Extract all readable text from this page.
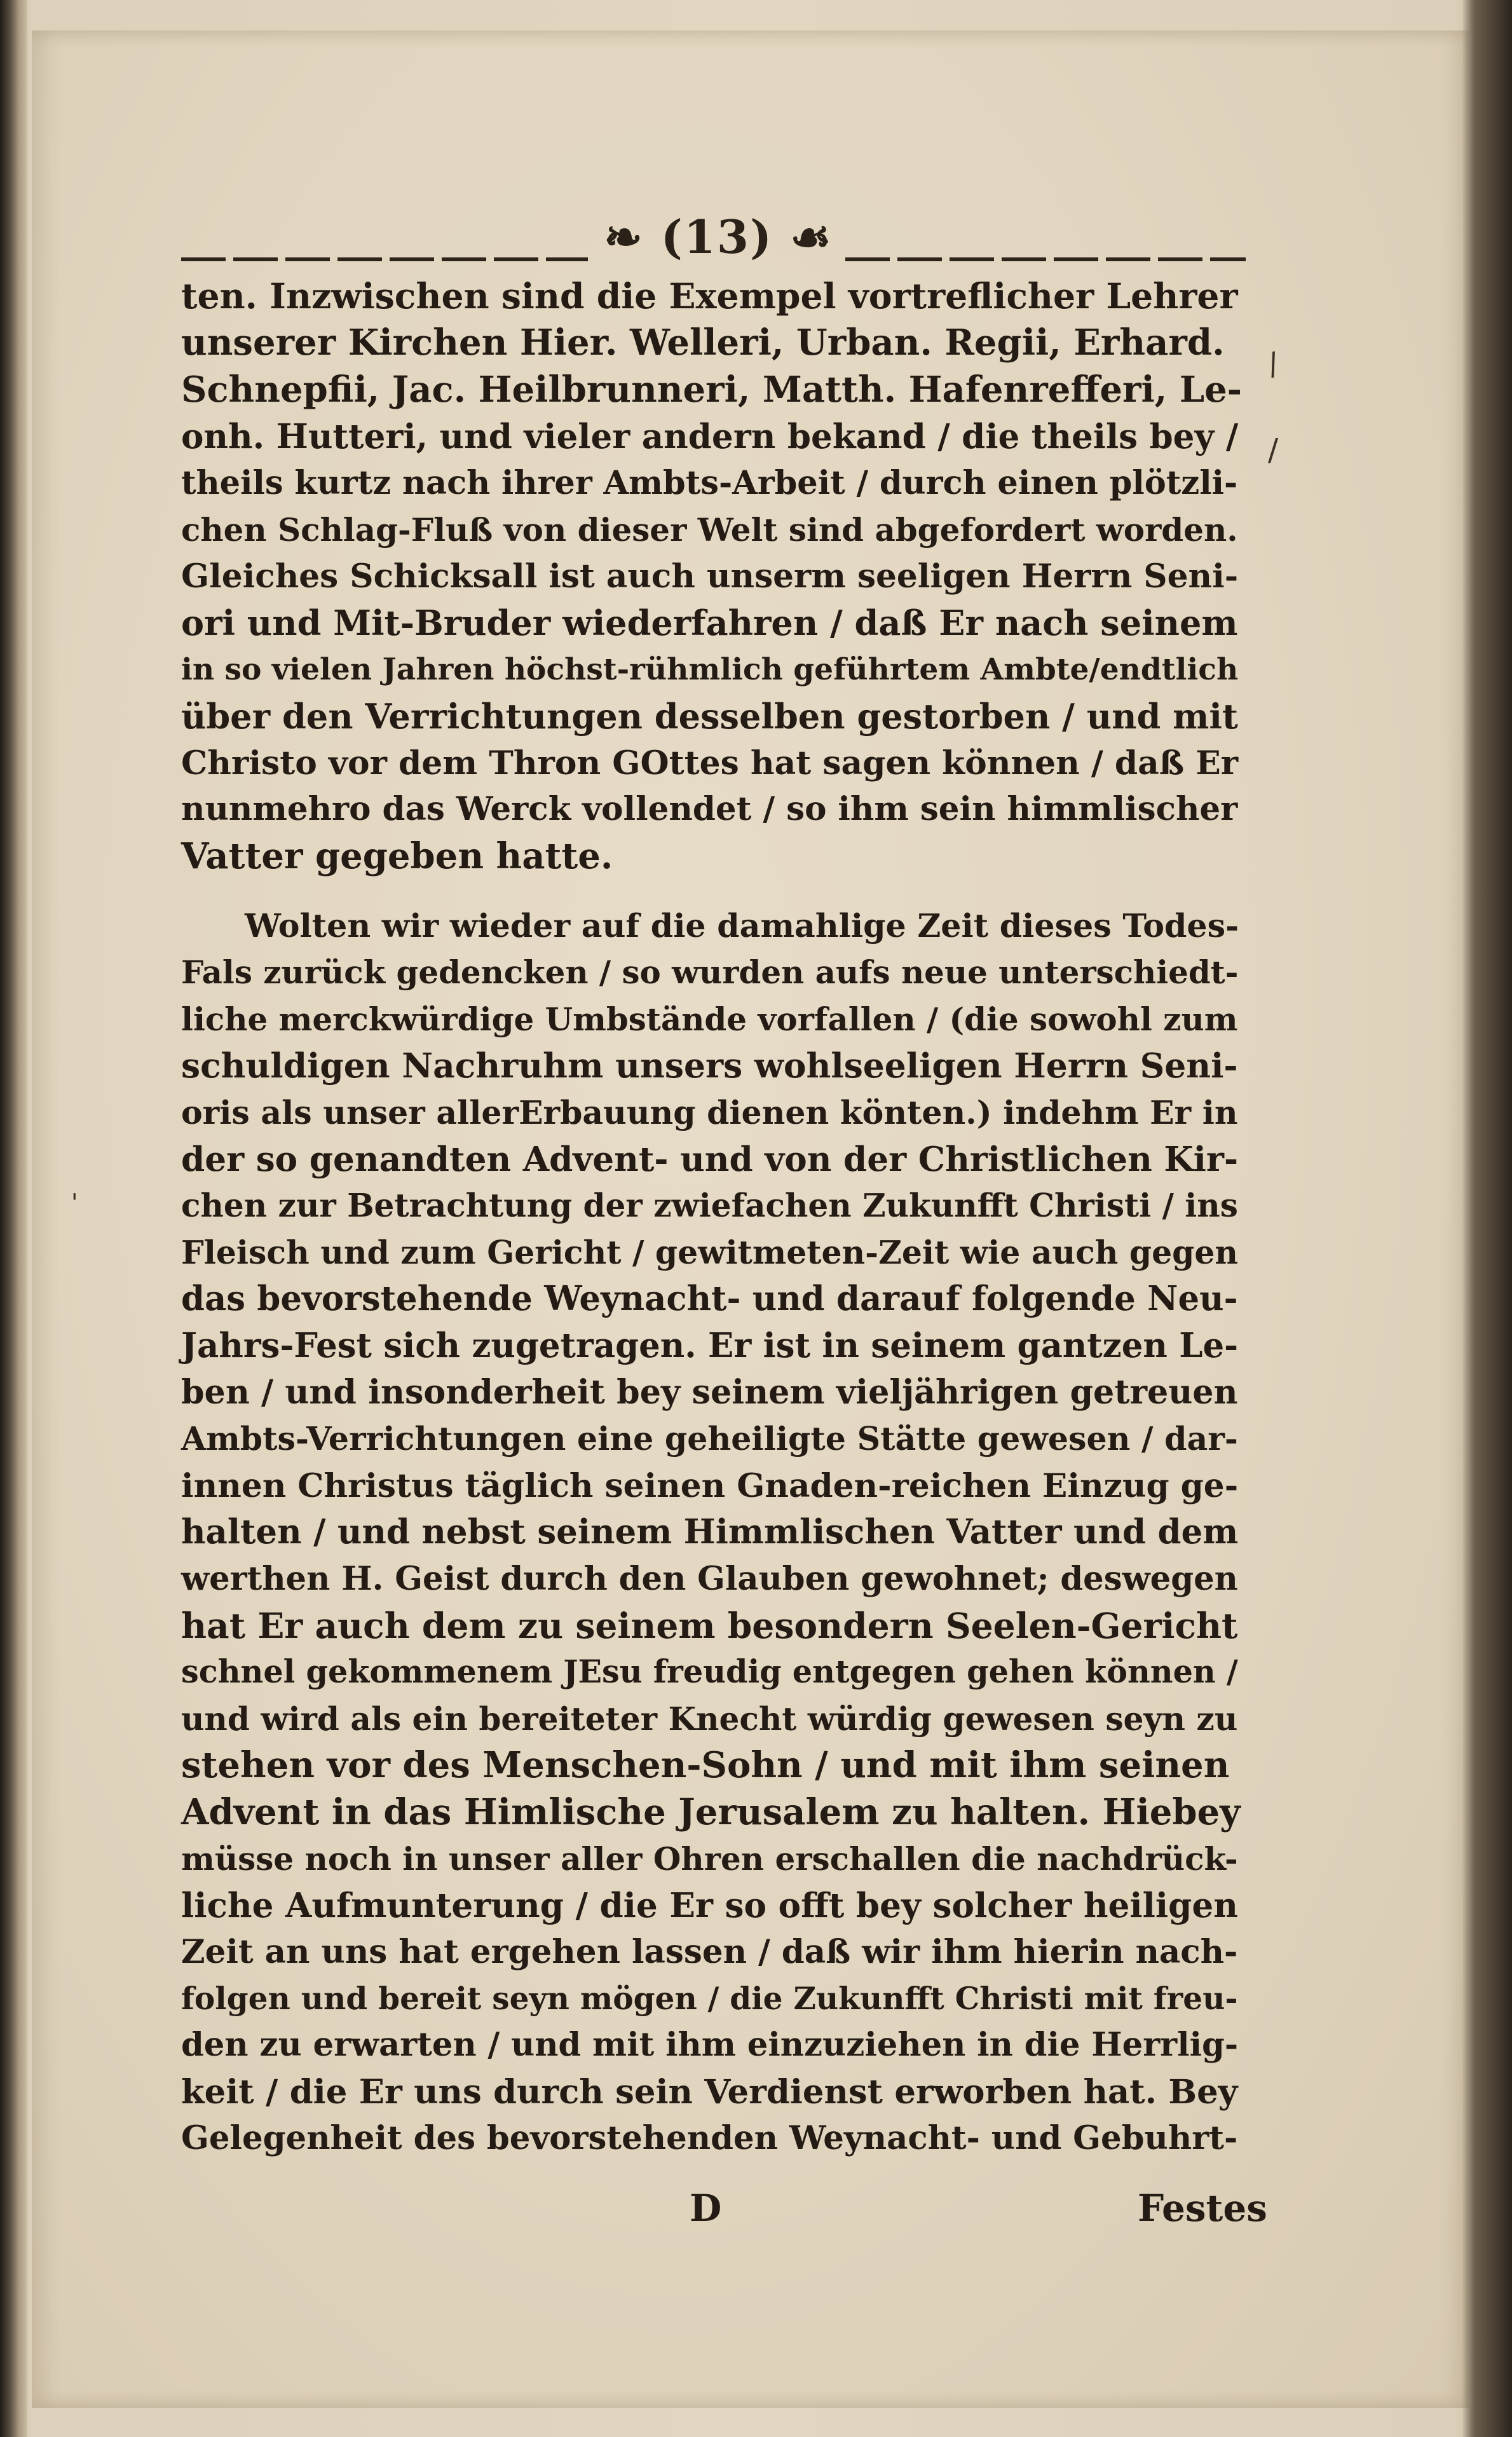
❧ (13) ☙
ten. Inzwischen sind die Exempel vortreflicher Lehrer
unserer Kirchen Hier. Welleri, Urban. Regii, Erhard.
Schnepfii, Jac. Heilbrunneri, Matth. Hafenrefferi, Le-
onh. Hutteri, und vieler andern bekand / die theils bey /
theils kurtz nach ihrer Ambts-Arbeit / durch einen plötzli-
chen Schlag-Fluß von dieser Welt sind abgefordert worden.
Gleiches Schicksall ist auch unserm seeligen Herrn Seni-
ori und Mit-Bruder wiederfahren / daß Er nach seinem
in so vielen Jahren höchst-rühmlich geführtem Ambte/endtlich
über den Verrichtungen desselben gestorben / und mit
Christo vor dem Thron GOttes hat sagen können / daß Er
nunmehro das Werck vollendet / so ihm sein himmlischer
Vatter gegeben hatte.
Wolten wir wieder auf die damahlige Zeit dieses Todes-
Fals zurück gedencken / so wurden aufs neue unterschiedt-
liche merckwürdige Umbstände vorfallen / (die sowohl zum
schuldigen Nachruhm unsers wohlseeligen Herrn Seni-
oris als unser allerErbauung dienen könten.) indehm Er in
der so genandten Advent- und von der Christlichen Kir-
chen zur Betrachtung der zwiefachen Zukunfft Christi / ins
Fleisch und zum Gericht / gewitmeten-Zeit wie auch gegen
das bevorstehende Weynacht- und darauf folgende Neu-
Jahrs-Fest sich zugetragen. Er ist in seinem gantzen Le-
ben / und insonderheit bey seinem vieljährigen getreuen
Ambts-Verrichtungen eine geheiligte Stätte gewesen / dar-
innen Christus täglich seinen Gnaden-reichen Einzug ge-
halten / und nebst seinem Himmlischen Vatter und dem
werthen H. Geist durch den Glauben gewohnet; deswegen
hat Er auch dem zu seinem besondern Seelen-Gericht
schnel gekommenem JEsu freudig entgegen gehen können /
und wird als ein bereiteter Knecht würdig gewesen seyn zu
stehen vor des Menschen-Sohn / und mit ihm seinen
Advent in das Himlische Jerusalem zu halten. Hiebey
müsse noch in unser aller Ohren erschallen die nachdrück-
liche Aufmunterung / die Er so offt bey solcher heiligen
Zeit an uns hat ergehen lassen / daß wir ihm hierin nach-
folgen und bereit seyn mögen / die Zukunfft Christi mit freu-
den zu erwarten / und mit ihm einzuziehen in die Herrlig-
keit / die Er uns durch sein Verdienst erworben hat. Bey
Gelegenheit des bevorstehenden Weynacht- und Gebuhrt-
D	Festes
/
/
'
